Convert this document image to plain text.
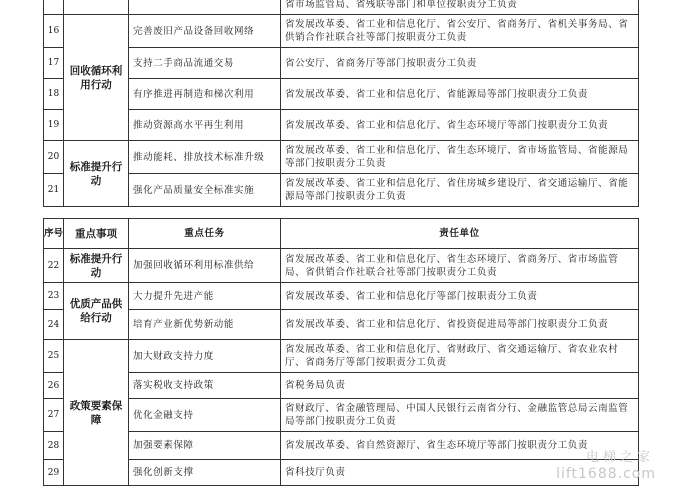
			省市场监管局、省残联等部门和单位按职责分工负责
16	回收循环利用行动	完善废旧产品设备回收网络	省发展改革委、省工业和信息化厅、省公安厅、省商务厅、省机关事务局、省供销合作社联合社等部门按职责分工负责
17		支持二手商品流通交易	省公安厅、省商务厅等部门按职责分工负责
18		有序推进再制造和梯次利用	省发展改革委、省工业和信息化厅、省能源局等部门按职责分工负责
19		推动资源高水平再生利用	省发展改革委、省工业和信息化厅、省生态环境厅等部门按职责分工负责
20	标准提升行动	推动能耗、排放技术标准升级	省发展改革委、省工业和信息化厅、省生态环境厅、省市场监管局、省能源局等部门按职责分工负责
21		强化产品质量安全标准实施	省发展改革委、省工业和信息化厅、省住房城乡建设厅、省交通运输厅、省能源局等部门按职责分工负责
序号	重点事项	重点任务	责任单位
22	标准提升行动	加强回收循环利用标准供给	省发展改革委、省工业和信息化厅、省生态环境厅、省商务厅、省市场监管局、省供销合作社联合社等部门按职责分工负责
23	优质产品供给行动	大力提升先进产能	省发展改革委、省工业和信息化厅等部门按职责分工负责
24		培育产业新优势新动能	省发展改革委、省工业和信息化厅、省投资促进局等部门按职责分工负责
25	政策要素保障	加大财政支持力度	省发展改革委、省工业和信息化厅、省财政厅、省交通运输厅、省农业农村厅、省商务厅等部门按职责分工负责
26		落实税收支持政策	省税务局负责
27		优化金融支持	省财政厅、省金融管理局、中国人民银行云南省分行、金融监管总局云南监管局等部门按职责分工负责
28		加强要素保障	省发展改革委、省自然资源厅、省生态环境厅等部门按职责分工负责
29		强化创新支撑	省科技厅负责
电梯之家
lift1688.com
